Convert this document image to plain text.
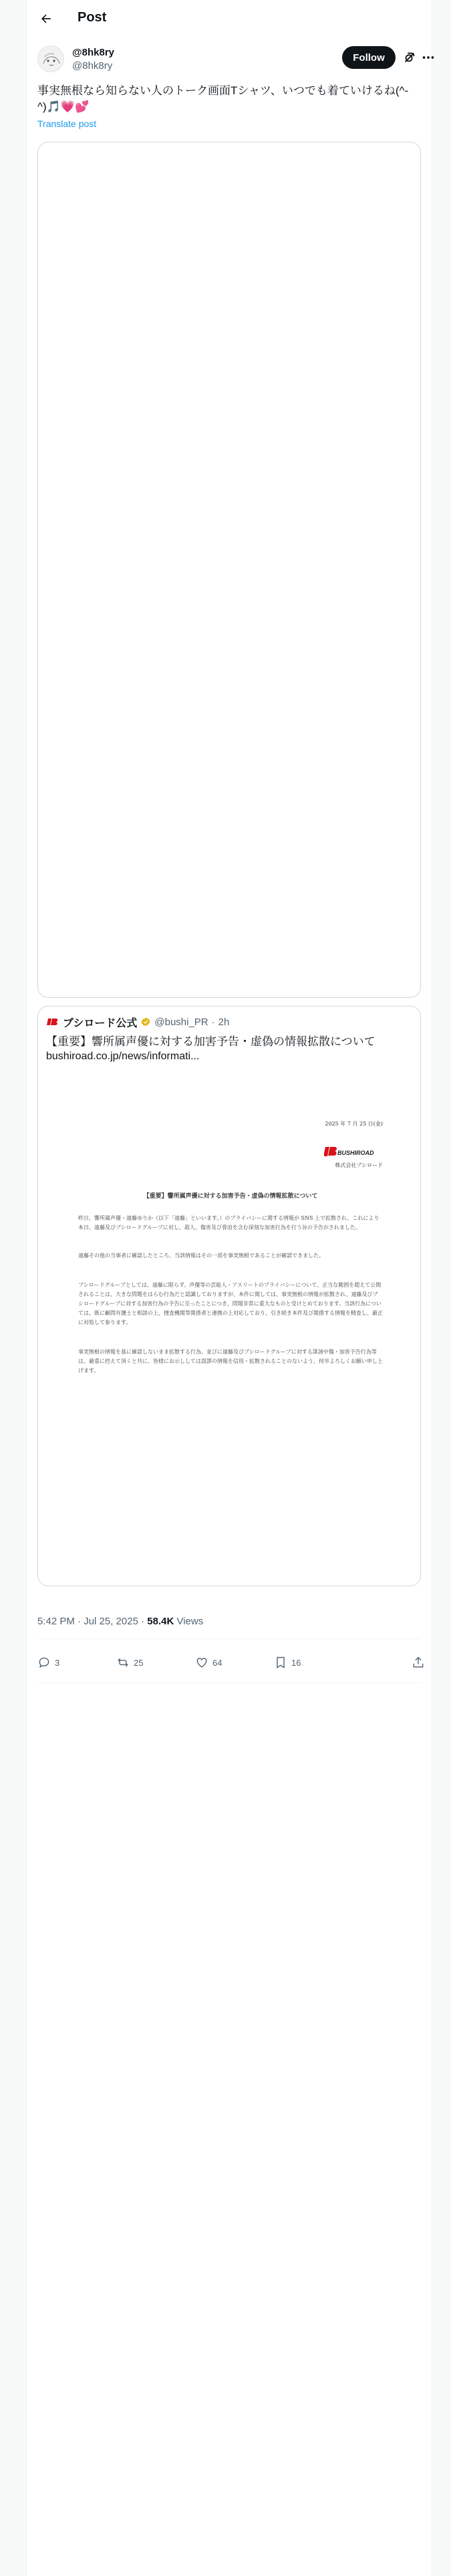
Post
@8hk8ry
@8hk8ry
Follow
事実無根なら知らない人のトーク画面Tシャツ、いつでも着ていけるね(^-^)🎵💗💕
Translate post
ブシロード公式 @bushi_PR · 2h
【重要】響所属声優に対する加害予告・虚偽の情報拡散について
bushiroad.co.jp/news/informati...
2025 年 7 月 25 日(金)
BUSHIROAD
株式会社ブシロード
【重要】響所属声優に対する加害予告・虚偽の情報拡散について
昨日、響所属声優・遠藤ゆりか（以下「遠藤」といいます。）のプライバシーに関する情報が SNS 上で拡散され、これにより本日、遠藤及びブシロードグループに対し、殺人、傷害及び脅迫を含む深刻な加害行為を行う旨の予告がされました。
遠藤その他の当事者に確認したところ、当該情報はその一部を事実無根であることが確認できました。
ブシロードグループとしては、遠藤に限らず、声優等の芸能人・アスリートのプライバシーについて、正当な範囲を超えて公開されることは、大きな問題をはらむ行為だと認識しておりますが、本件に関しては、事実無根の情報が拡散され、遠藤及びブシロードグループに対する加害行為の予告に至ったことにつき、問題非常に重大なものと受けとめております。当該行為については、既に顧問弁護士と相談の上、捜査機関等関係者と連携の上対応しており、引き続き本件及び関係する情報を精査し、厳正に対処して参ります。
事実無根の情報を基に確認しないまま拡散する行為、並びに遠藤及びブシロードグループに対する誹謗中傷・加害予告行為等は、厳重に控えて頂くと共に、皆様にお示ししては誤謬の情報を信用・拡散されることのないよう、何卒よろしくお願い申し上げます。
5:42 PM · Jul 25, 2025 · 58.4K Views
3	25	64	16
